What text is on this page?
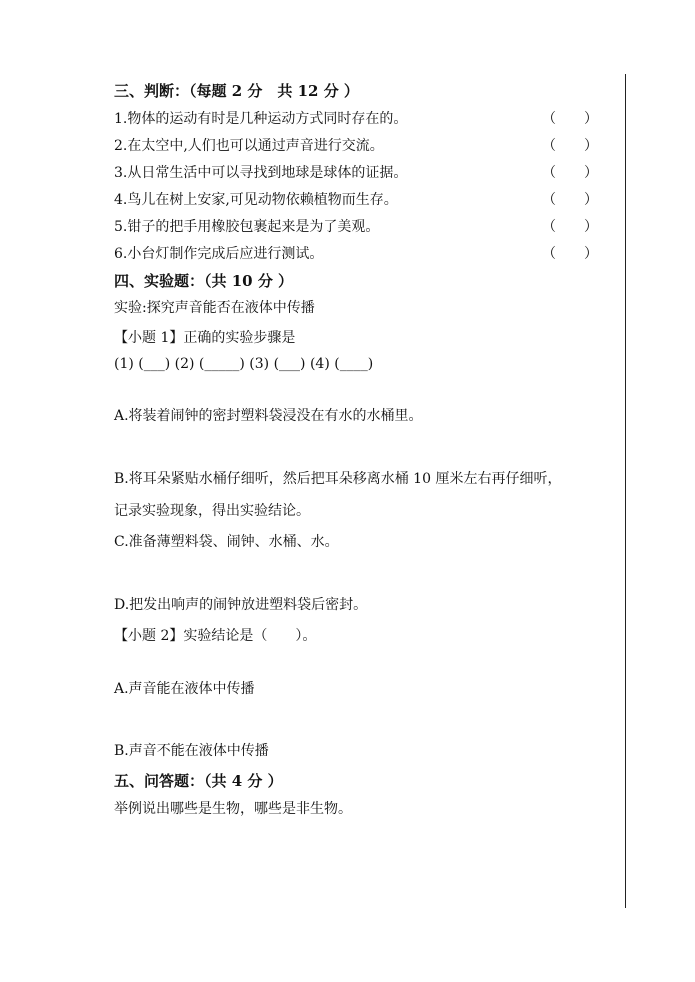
三、判断：（每题 2 分　共 12 分 ）
1.物体的运动有时是几种运动方式同时存在的。	（　　）
2.在太空中,人们也可以通过声音进行交流。	（　　）
3.从日常生活中可以寻找到地球是球体的证据。	（　　）
4.鸟儿在树上安家,可见动物依赖植物而生存。	（　　）
5.钳子的把手用橡胶包裹起来是为了美观。	（　　）
6.小台灯制作完成后应进行测试。	（　　）
四、实验题：（共 10 分 ）
实验:探究声音能否在液体中传播
【小题 1】正确的实验步骤是
(1) (___) (2) (_____) (3) (___) (4) (____)
A.将装着闹钟的密封塑料袋浸没在有水的水桶里。
B.将耳朵紧贴水桶仔细听，然后把耳朵移离水桶 10 厘米左右再仔细听，
记录实验现象，得出实验结论。
C.准备薄塑料袋、闹钟、水桶、水。
D.把发出响声的闹钟放进塑料袋后密封。
【小题 2】实验结论是（　　）。
A.声音能在液体中传播
B.声音不能在液体中传播
五、问答题：（共 4 分 ）
举例说出哪些是生物，哪些是非生物。
